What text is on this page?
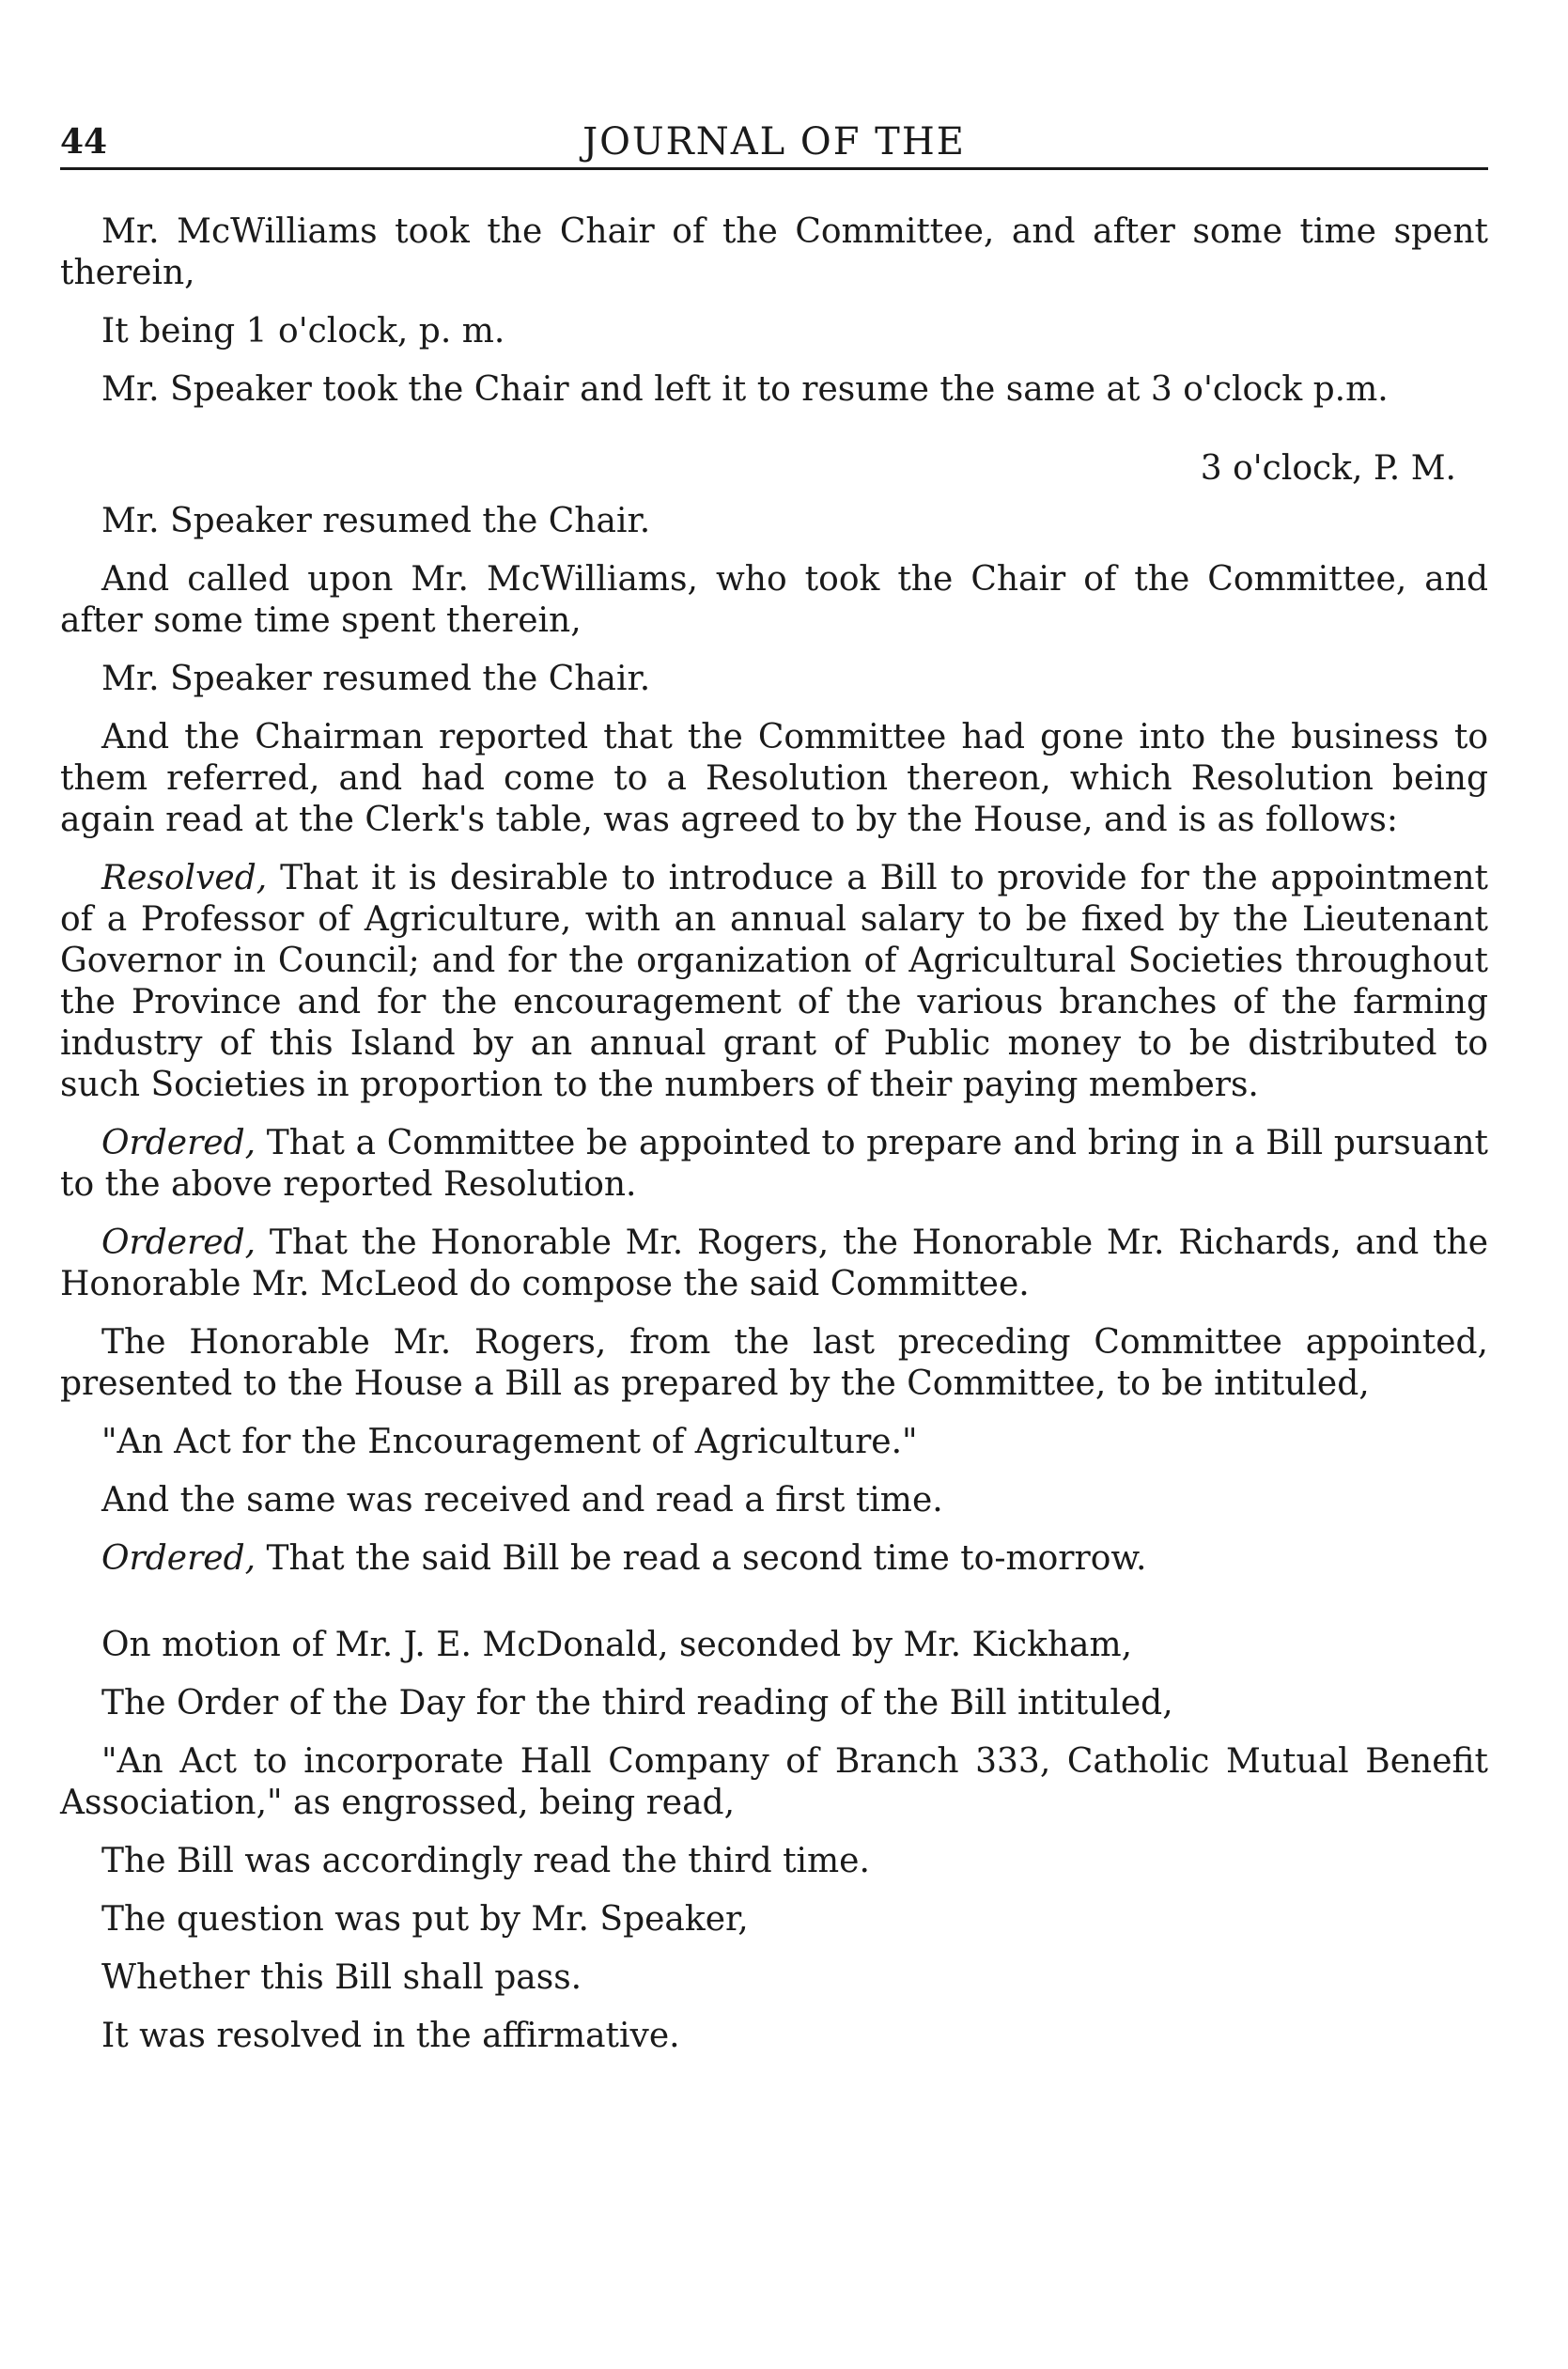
44	JOURNAL OF THE

Mr. McWilliams took the Chair of the Committee, and after some time spent therein,

It being 1 o'clock, p. m.

Mr. Speaker took the Chair and left it to resume the same at 3 o'clock p.m.

3 o'clock, P. M.

Mr. Speaker resumed the Chair.

And called upon Mr. McWilliams, who took the Chair of the Committee, and after some time spent therein,

Mr. Speaker resumed the Chair.

And the Chairman reported that the Committee had gone into the business to them referred, and had come to a Resolution thereon, which Resolution being again read at the Clerk's table, was agreed to by the House, and is as follows:

Resolved, That it is desirable to introduce a Bill to provide for the appointment of a Professor of Agriculture, with an annual salary to be fixed by the Lieutenant Governor in Council; and for the organization of Agricultural Societies throughout the Province and for the encouragement of the various branches of the farming industry of this Island by an annual grant of Public money to be distributed to such Societies in proportion to the numbers of their paying members.

Ordered, That a Committee be appointed to prepare and bring in a Bill pursuant to the above reported Resolution.

Ordered, That the Honorable Mr. Rogers, the Honorable Mr. Richards, and the Honorable Mr. McLeod do compose the said Committee.

The Honorable Mr. Rogers, from the last preceding Committee appointed, presented to the House a Bill as prepared by the Committee, to be intituled,

"An Act for the Encouragement of Agriculture."

And the same was received and read a first time.

Ordered, That the said Bill be read a second time to-morrow.

On motion of Mr. J. E. McDonald, seconded by Mr. Kickham,

The Order of the Day for the third reading of the Bill intituled,

"An Act to incorporate Hall Company of Branch 333, Catholic Mutual Benefit Association," as engrossed, being read,

The Bill was accordingly read the third time.

The question was put by Mr. Speaker,

Whether this Bill shall pass.

It was resolved in the affirmative.
